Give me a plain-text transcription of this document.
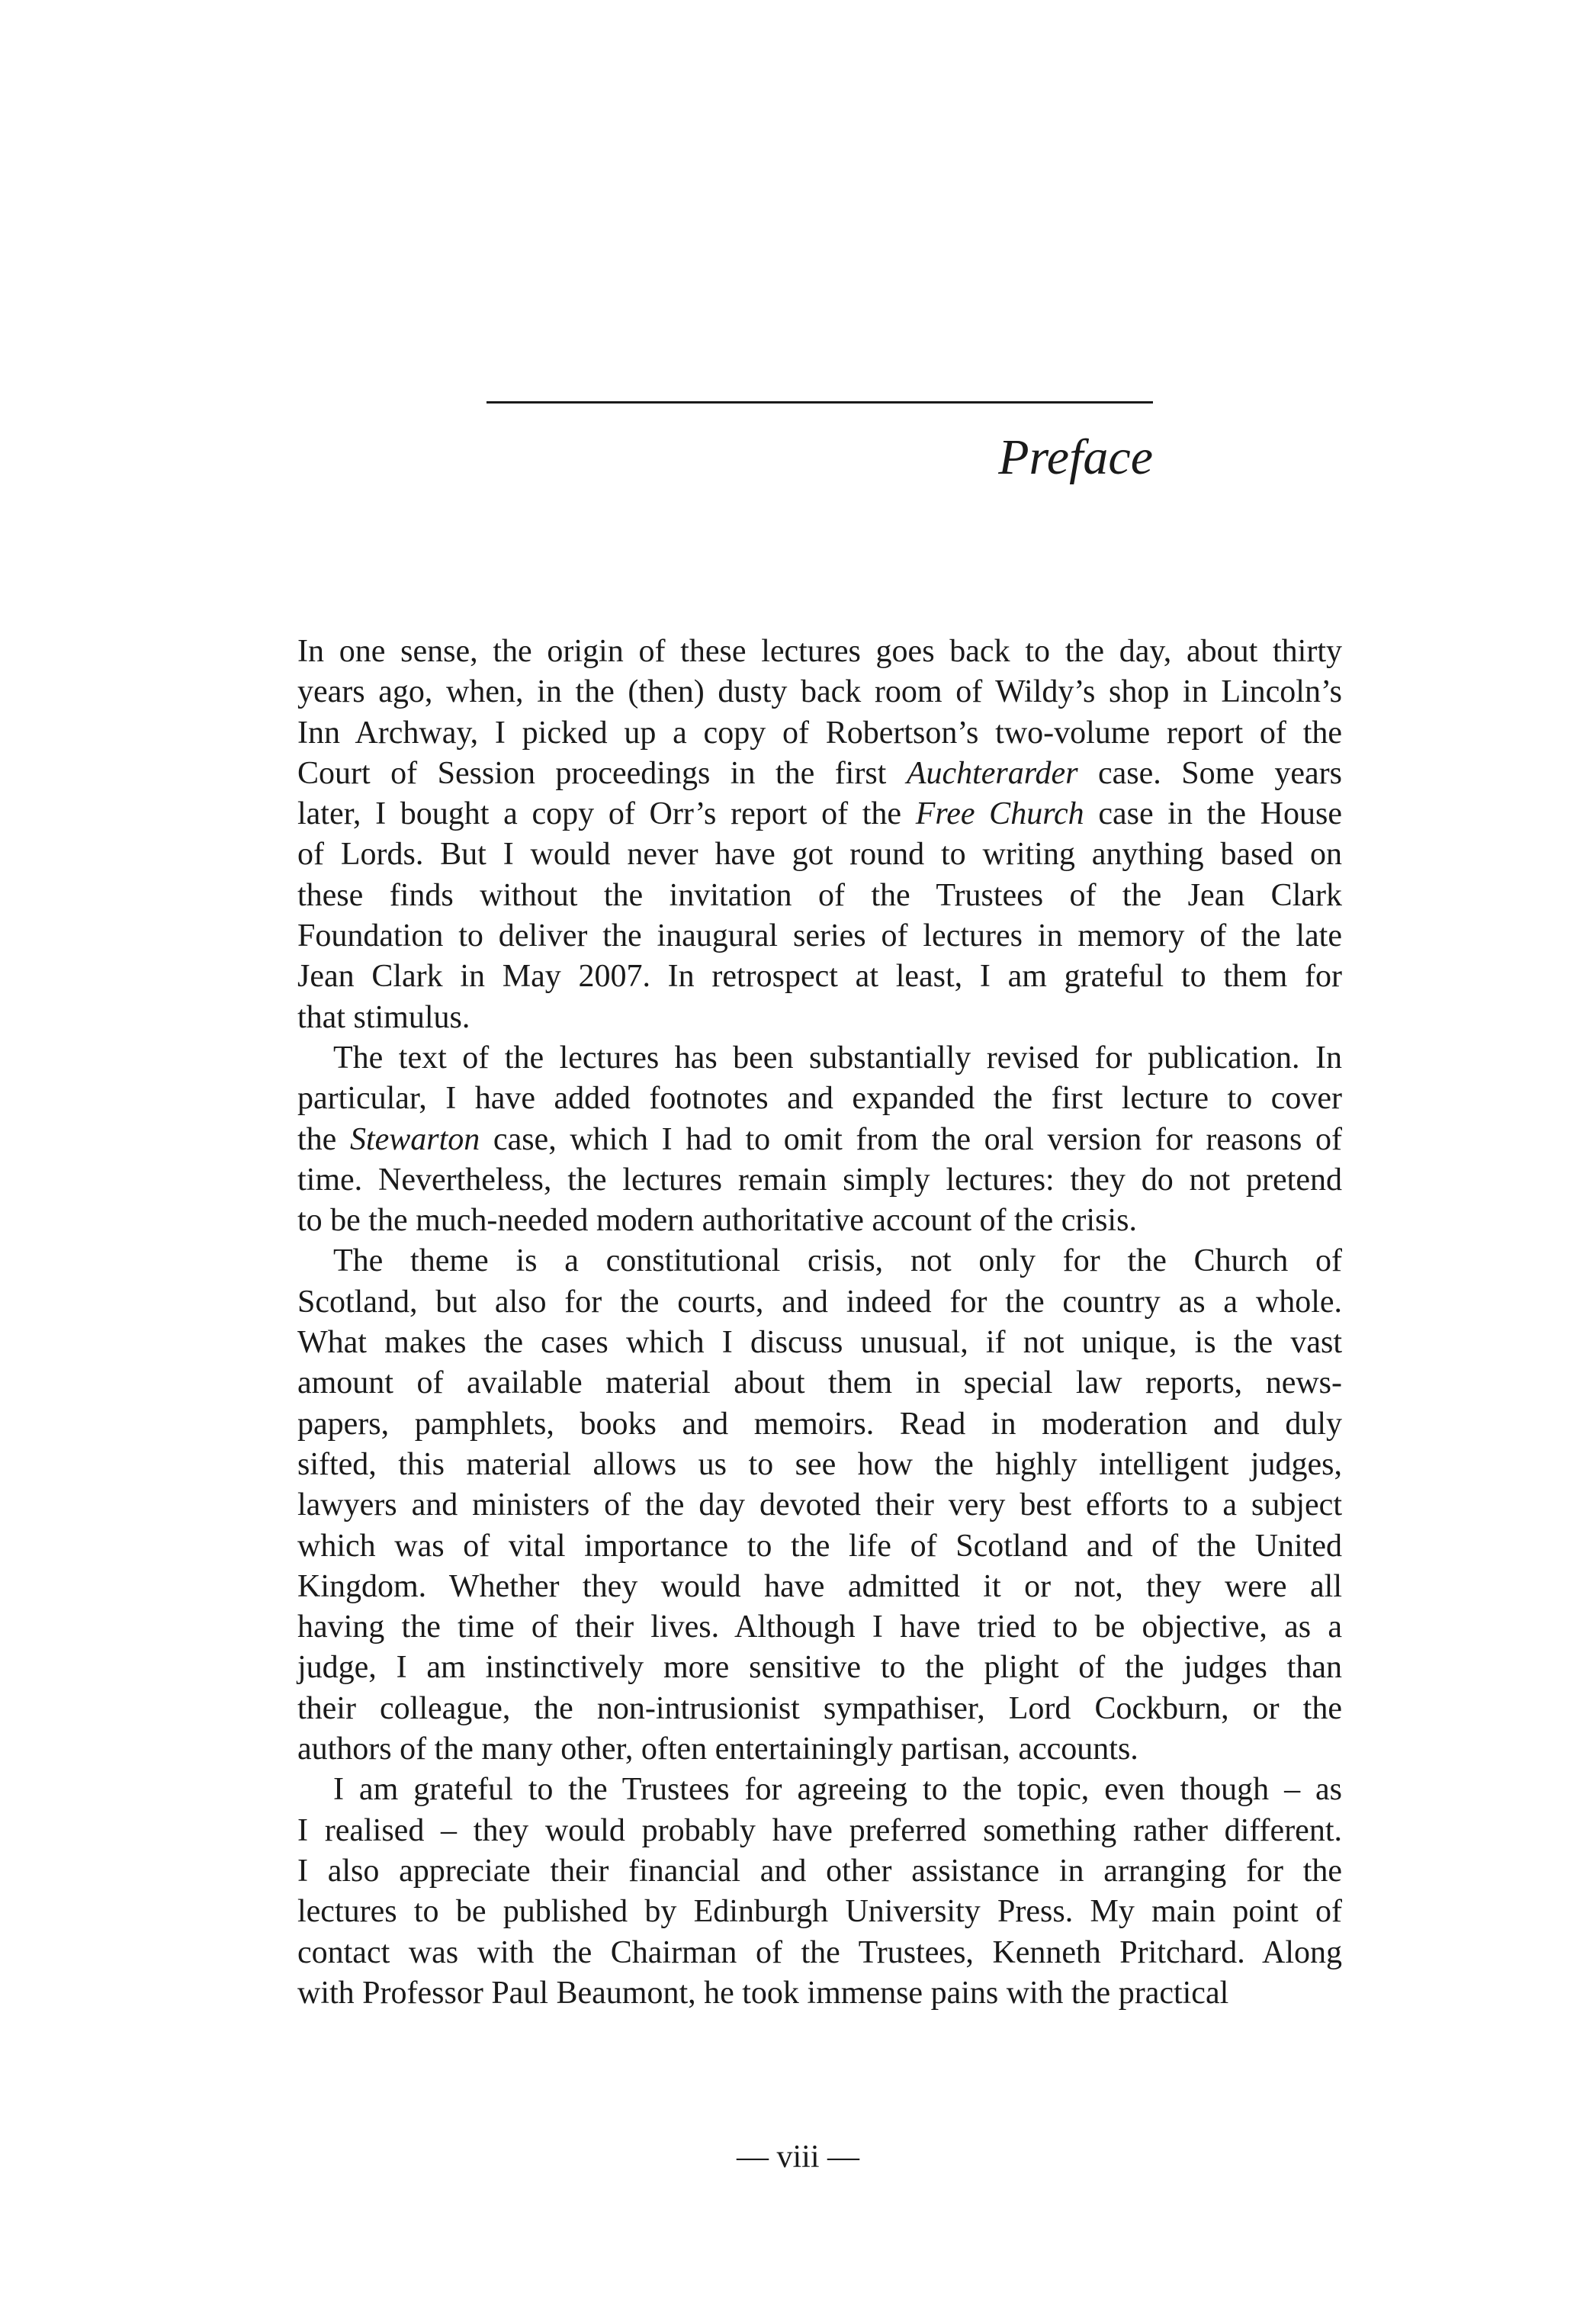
Preface
In one sense, the origin of these lectures goes back to the day, about thirty
years ago, when, in the (then) dusty back room of Wildy’s shop in Lincoln’s
Inn Archway, I picked up a copy of Robertson’s two-volume report of the
Court of Session proceedings in the first Auchterarder case. Some years
later, I bought a copy of Orr’s report of the Free Church case in the House
of Lords. But I would never have got round to writing anything based on
these finds without the invitation of the Trustees of the Jean Clark
Foundation to deliver the inaugural series of lectures in memory of the late
Jean Clark in May 2007. In retrospect at least, I am grateful to them for
that stimulus.
The text of the lectures has been substantially revised for publication. In
particular, I have added footnotes and expanded the first lecture to cover
the Stewarton case, which I had to omit from the oral version for reasons of
time. Nevertheless, the lectures remain simply lectures: they do not pretend
to be the much-needed modern authoritative account of the crisis.
The theme is a constitutional crisis, not only for the Church of
Scotland, but also for the courts, and indeed for the country as a whole.
What makes the cases which I discuss unusual, if not unique, is the vast
amount of available material about them in special law reports, news-
papers, pamphlets, books and memoirs. Read in moderation and duly
sifted, this material allows us to see how the highly intelligent judges,
lawyers and ministers of the day devoted their very best efforts to a subject
which was of vital importance to the life of Scotland and of the United
Kingdom. Whether they would have admitted it or not, they were all
having the time of their lives. Although I have tried to be objective, as a
judge, I am instinctively more sensitive to the plight of the judges than
their colleague, the non-intrusionist sympathiser, Lord Cockburn, or the
authors of the many other, often entertainingly partisan, accounts.
I am grateful to the Trustees for agreeing to the topic, even though – as
I realised – they would probably have preferred something rather different.
I also appreciate their financial and other assistance in arranging for the
lectures to be published by Edinburgh University Press. My main point of
contact was with the Chairman of the Trustees, Kenneth Pritchard. Along
with Professor Paul Beaumont, he took immense pains with the practical
— viii —
